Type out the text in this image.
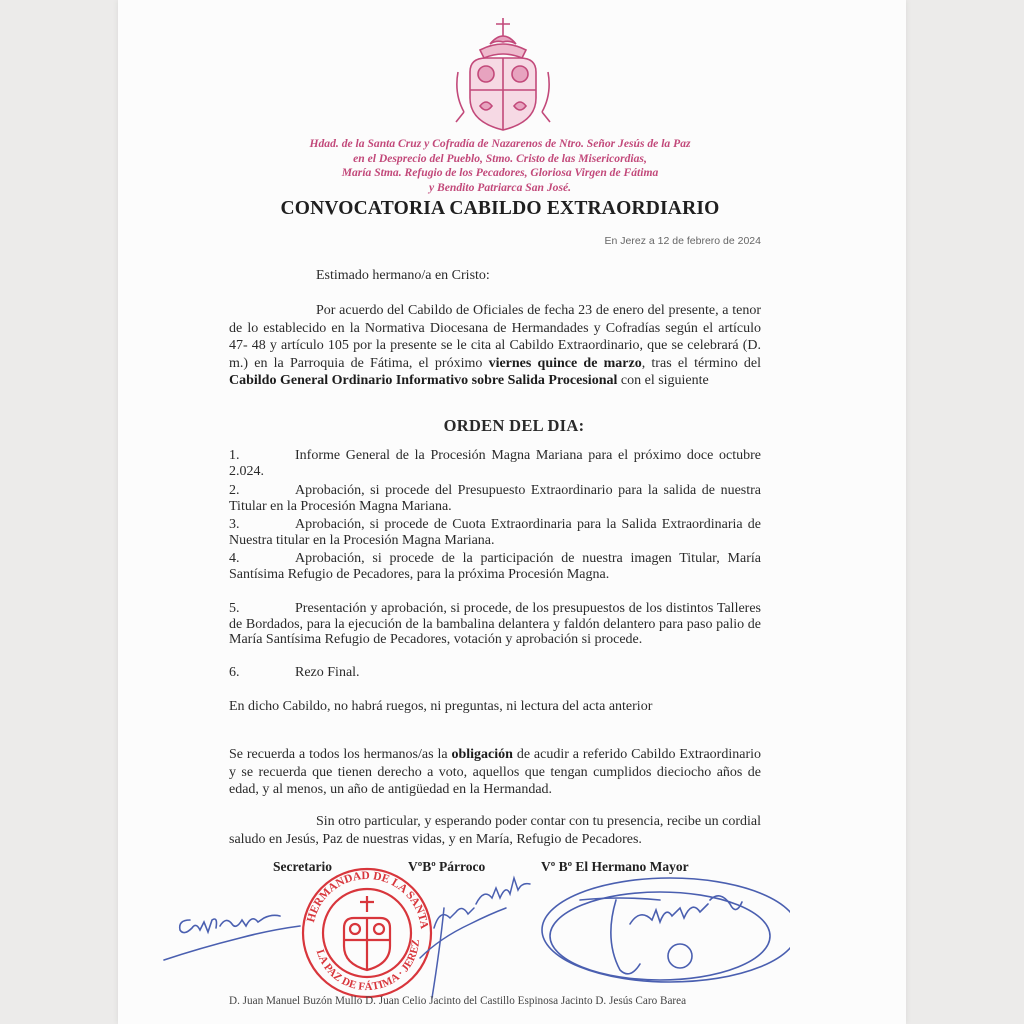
Hdad. de la Santa Cruz y Cofradía de Nazarenos de Ntro. Señor Jesús de la Paz
en el Desprecio del Pueblo, Stmo. Cristo de las Misericordias,
María Stma. Refugio de los Pecadores, Gloriosa Virgen de Fátima
y Bendito Patriarca San José.
CONVOCATORIA CABILDO EXTRAORDIARIO
En Jerez a 12 de febrero de 2024
Estimado hermano/a en Cristo:
Por acuerdo del Cabildo de Oficiales de fecha 23 de enero del presente, a tenor de lo establecido en la Normativa Diocesana de Hermandades y Cofradías según el artículo 47- 48 y artículo 105 por la presente se le cita al Cabildo Extraordinario, que se celebrará (D. m.) en la Parroquia de Fátima, el próximo viernes quince de marzo, tras el término del Cabildo General Ordinario Informativo sobre Salida Procesional con el siguiente
ORDEN DEL DIA:
1.	Informe General de la Procesión Magna Mariana para el próximo doce octubre 2.024.
2.	Aprobación, si procede del Presupuesto Extraordinario para la salida de nuestra Titular en la Procesión Magna Mariana.
3.	Aprobación, si procede de Cuota Extraordinaria para la Salida Extraordinaria de Nuestra titular en la Procesión Magna Mariana.
4.	Aprobación, si procede de la participación de nuestra imagen Titular, María Santísima Refugio de Pecadores, para la próxima Procesión Magna.
5.	Presentación y aprobación, si procede, de los presupuestos de los distintos Talleres de Bordados, para la ejecución de la bambalina delantera y faldón delantero para paso palio de María Santísima Refugio de Pecadores, votación y aprobación si procede.
6.	Rezo Final.
En dicho Cabildo, no habrá ruegos, ni preguntas, ni lectura del acta anterior
Se recuerda a todos los hermanos/as la obligación de acudir a referido Cabildo Extraordinario y se recuerda que tienen derecho a voto, aquellos que tengan cumplidos dieciocho años de edad, y al menos, un año de antigüedad en la Hermandad.
Sin otro particular, y esperando poder contar con tu presencia, recibe un cordial saludo en Jesús, Paz de nuestras vidas, y en María, Refugio de Pecadores.
Secretario	VºBº Párroco	Vº Bº El Hermano Mayor
HERMANDAD DE LA SANTA
LA PAZ DE FÁTIMA · JEREZ
D. Juan Manuel Buzón Mullo D. Juan Celio Jacinto del Castillo Espinosa Jacinto D. Jesús Caro Barea
